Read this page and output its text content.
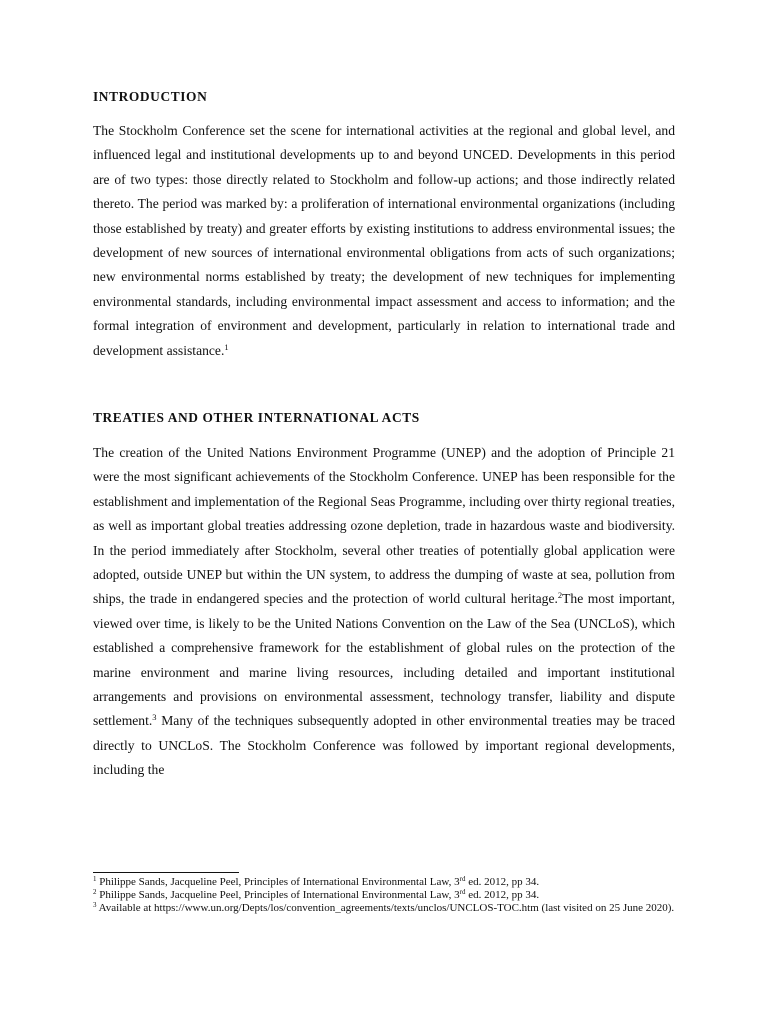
INTRODUCTION

The Stockholm Conference set the scene for international activities at the regional and global level, and influenced legal and institutional developments up to and beyond UNCED. Developments in this period are of two types: those directly related to Stockholm and follow-up actions; and those indirectly related thereto. The period was marked by: a proliferation of international environmental organizations (including those established by treaty) and greater efforts by existing institutions to address environmental issues; the development of new sources of international environmental obligations from acts of such organizations; new environmental norms established by treaty; the development of new techniques for implementing environmental standards, including environmental impact assessment and access to information; and the formal integration of environment and development, particularly in relation to international trade and development assistance.$^1$

TREATIES AND OTHER INTERNATIONAL ACTS

The creation of the United Nations Environment Programme (UNEP) and the adoption of Principle 21 were the most significant achievements of the Stockholm Conference. UNEP has been responsible for the establishment and implementation of the Regional Seas Programme, including over thirty regional treaties, as well as important global treaties addressing ozone depletion, trade in hazardous waste and biodiversity. In the period immediately after Stockholm, several other treaties of potentially global application were adopted, outside UNEP but within the UN system, to address the dumping of waste at sea, pollution from ships, the trade in endangered species and the protection of world cultural heritage.$^2$The most important, viewed over time, is likely to be the United Nations Convention on the Law of the Sea (UNCLoS), which established a comprehensive framework for the establishment of global rules on the protection of the marine environment and marine living resources, including detailed and important institutional arrangements and provisions on environmental assessment, technology transfer, liability and dispute settlement.$^3$ Many of the techniques subsequently adopted in other environmental treaties may be traced directly to UNCLoS. The Stockholm Conference was followed by important regional developments, including the

$^1$ Philippe Sands, Jacqueline Peel, Principles of International Environmental Law, 3rd ed. 2012, pp 34.

$^2$ Philippe Sands, Jacqueline Peel, Principles of International Environmental Law, 3rd ed. 2012, pp 34.

$^3$ Available at https://www.un.org/Depts/los/convention_agreements/texts/unclos/UNCLOS-TOC.htm (last visited on 25 June 2020).
